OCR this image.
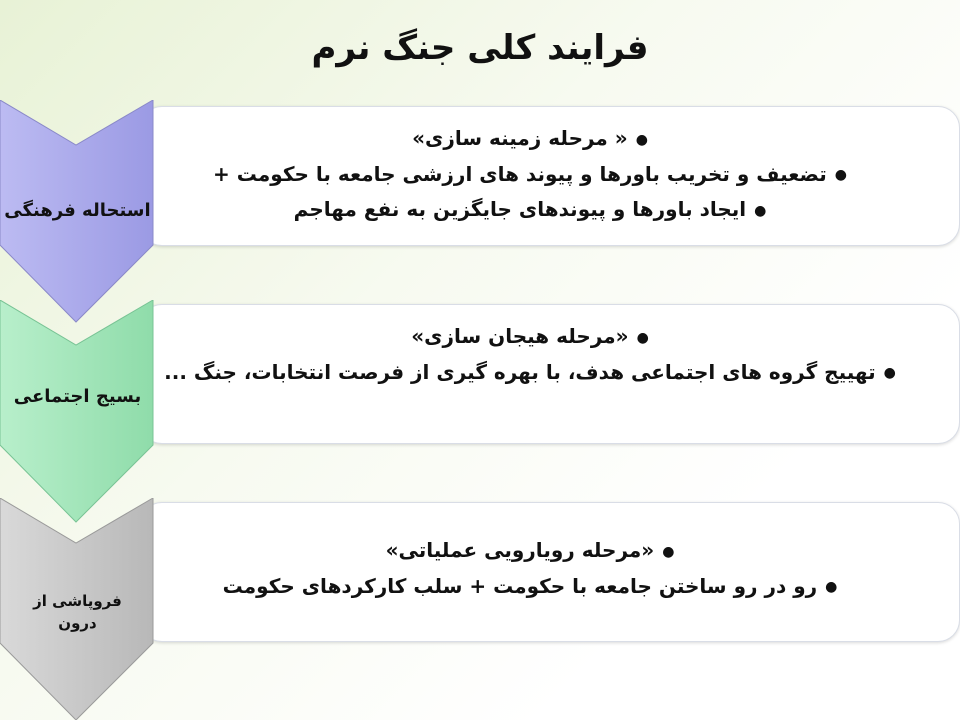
فرایند کلی جنگ نرم
●« مرحله زمینه سازی»
●تضعیف و تخریب باورها و پیوند های ارزشی جامعه با حکومت +
●ایجاد باورها و پیوندهای جایگزین به نفع مهاجم
استحاله فرهنگی
●«مرحله هیجان سازی»
●تهییج گروه های اجتماعی هدف، با بهره گیری از فرصت انتخابات، جنگ ...
بسیج اجتماعی
●«مرحله رویارویی عملیاتی»
●رو در رو ساختن جامعه با حکومت + سلب کارکردهای حکومت
فروپاشی از درون
